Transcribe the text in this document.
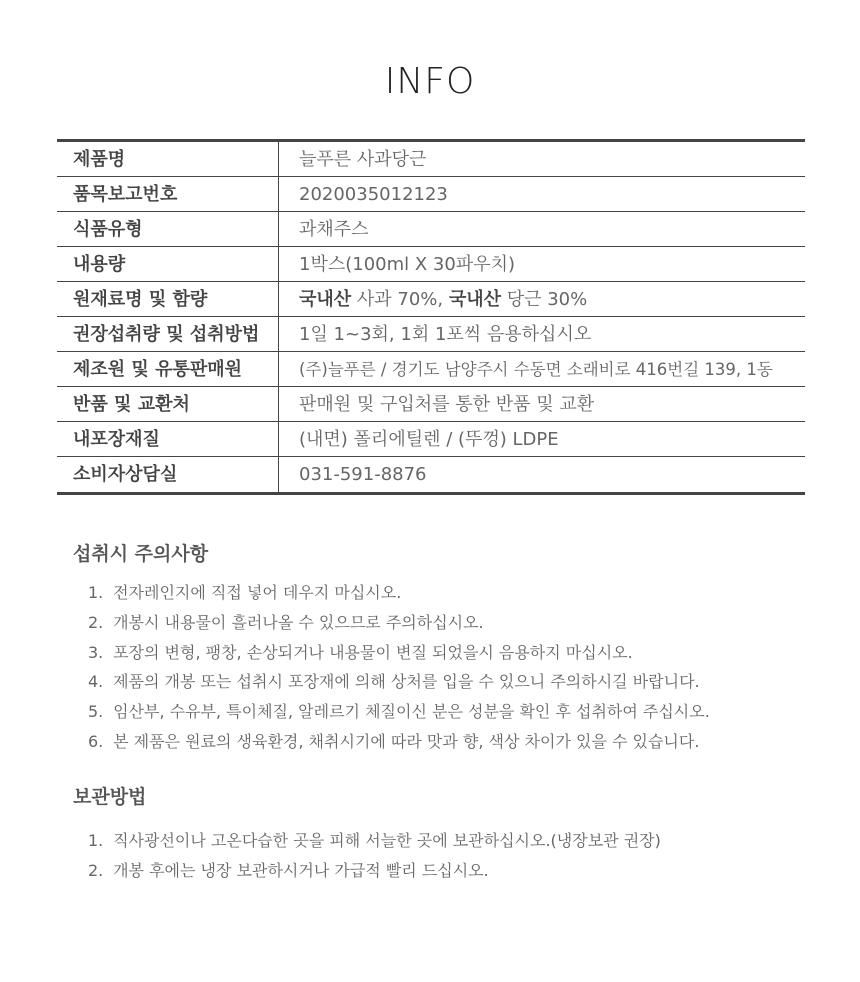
INFO
제품명	늘푸른 사과당근
품목보고번호	2020035012123
식품유형	과채주스
내용량	1박스(100ml X 30파우치)
원재료명 및 함량	국내산 사과 70%, 국내산 당근 30%
권장섭취량 및 섭취방법	1일 1~3회, 1회 1포씩 음용하십시오
제조원 및 유통판매원	(주)늘푸른 / 경기도 남양주시 수동면 소래비로 416번길 139, 1동
반품 및 교환처	판매원 및 구입처를 통한 반품 및 교환
내포장재질	(내면) 폴리에틸렌 / (뚜껑) LDPE
소비자상담실	031-591-8876
섭취시 주의사항
1. 전자레인지에 직접 넣어 데우지 마십시오.
2. 개봉시 내용물이 흘러나올 수 있으므로 주의하십시오.
3. 포장의 변형, 팽창, 손상되거나 내용물이 변질 되었을시 음용하지 마십시오.
4. 제품의 개봉 또는 섭취시 포장재에 의해 상처를 입을 수 있으니 주의하시길 바랍니다.
5. 임산부, 수유부, 특이체질, 알레르기 체질이신 분은 성분을 확인 후 섭취하여 주십시오.
6. 본 제품은 원료의 생육환경, 채취시기에 따라 맛과 향, 색상 차이가 있을 수 있습니다.
보관방법
1. 직사광선이나 고온다습한 곳을 피해 서늘한 곳에 보관하십시오.(냉장보관 권장)
2. 개봉 후에는 냉장 보관하시거나 가급적 빨리 드십시오.
